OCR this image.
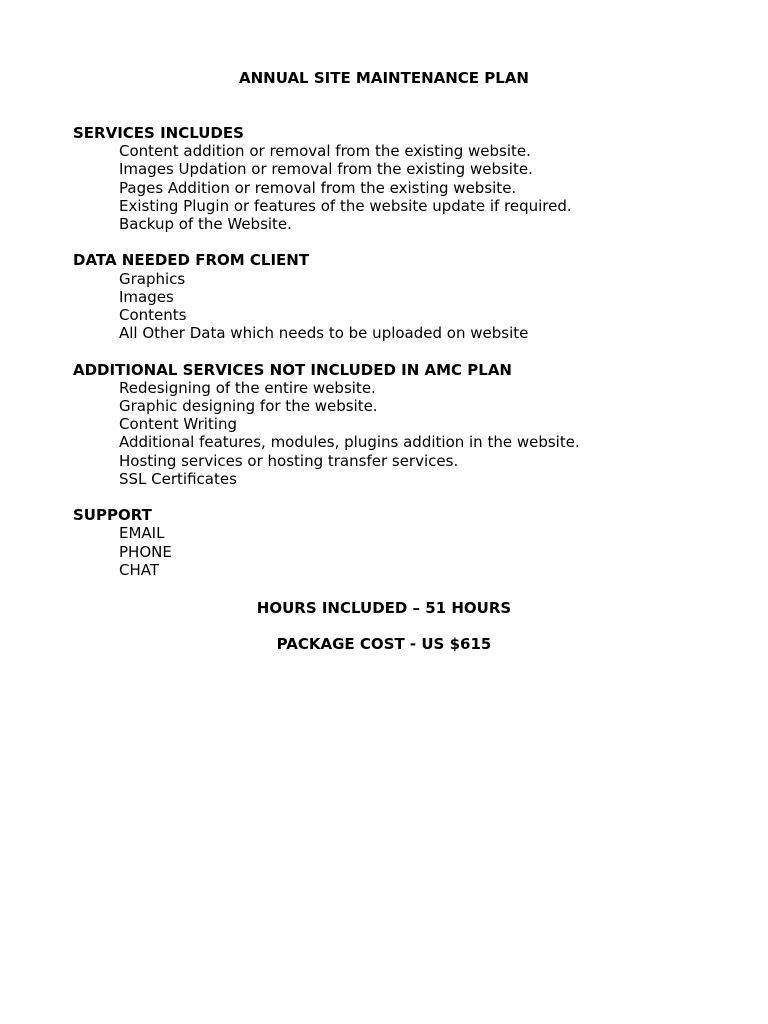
ANNUAL SITE MAINTENANCE PLAN
SERVICES INCLUDES
Content addition or removal from the existing website.
Images Updation or removal from the existing website.
Pages Addition or removal from the existing website.
Existing Plugin or features of the website update if required.
Backup of the Website.
DATA NEEDED FROM CLIENT
Graphics
Images
Contents
All Other Data which needs to be uploaded on website
ADDITIONAL SERVICES NOT INCLUDED IN AMC PLAN
Redesigning of the entire website.
Graphic designing for the website.
Content Writing
Additional features, modules, plugins addition in the website.
Hosting services or hosting transfer services.
SSL Certificates
SUPPORT
EMAIL
PHONE
CHAT

HOURS INCLUDED – 51 HOURS

PACKAGE COST - US $615
